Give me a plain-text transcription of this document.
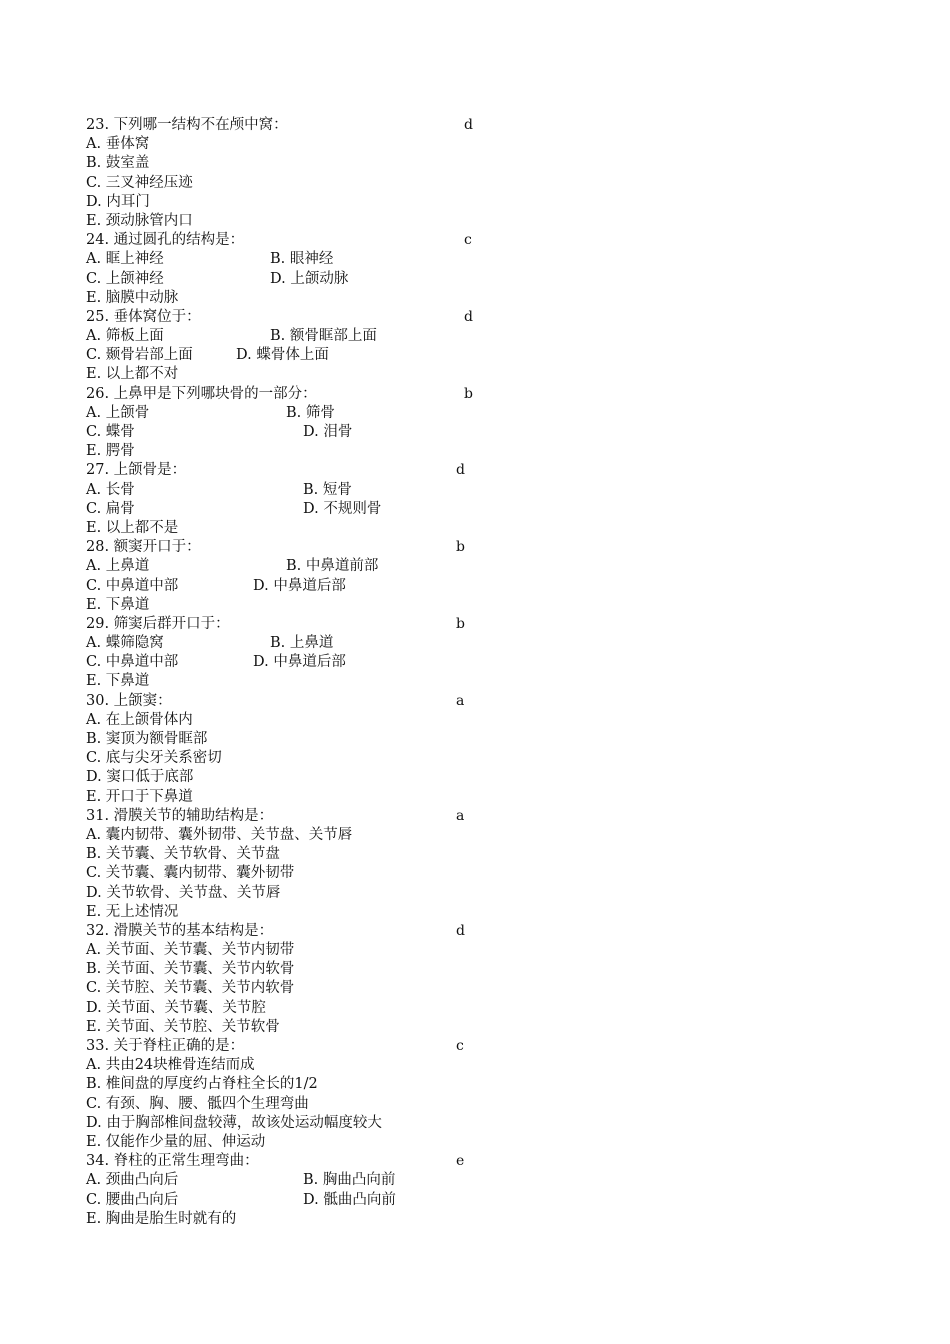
23. 下列哪一结构不在颅中窝：	d
A. 垂体窝
B. 鼓室盖
C. 三叉神经压迹
D. 内耳门
E. 颈动脉管内口
24. 通过圆孔的结构是：	c
A. 眶上神经	B. 眼神经
C. 上颌神经	D. 上颌动脉
E. 脑膜中动脉
25. 垂体窝位于：	d
A. 筛板上面	B. 额骨眶部上面
C. 颞骨岩部上面	D. 蝶骨体上面
E. 以上都不对
26. 上鼻甲是下列哪块骨的一部分：	b
A. 上颌骨	B. 筛骨
C. 蝶骨	D. 泪骨
E. 腭骨
27. 上颌骨是：	d
A. 长骨	B. 短骨
C. 扁骨	D. 不规则骨
E. 以上都不是
28. 额窦开口于：	b
A. 上鼻道	B. 中鼻道前部
C. 中鼻道中部	D. 中鼻道后部
E. 下鼻道
29. 筛窦后群开口于：	b
A. 蝶筛隐窝	B. 上鼻道
C. 中鼻道中部	D. 中鼻道后部
E. 下鼻道
30. 上颌窦：	a
A. 在上颌骨体内
B. 窦顶为额骨眶部
C. 底与尖牙关系密切
D. 窦口低于底部
E. 开口于下鼻道
31. 滑膜关节的辅助结构是：	a
A. 囊内韧带、囊外韧带、关节盘、关节唇
B. 关节囊、关节软骨、关节盘
C. 关节囊、囊内韧带、囊外韧带
D. 关节软骨、关节盘、关节唇
E. 无上述情况
32. 滑膜关节的基本结构是：	d
A. 关节面、关节囊、关节内韧带
B. 关节面、关节囊、关节内软骨
C. 关节腔、关节囊、关节内软骨
D. 关节面、关节囊、关节腔
E. 关节面、关节腔、关节软骨
33. 关于脊柱正确的是：	c
A. 共由24块椎骨连结而成
B. 椎间盘的厚度约占脊柱全长的1/2
C. 有颈、胸、腰、骶四个生理弯曲
D. 由于胸部椎间盘较薄，故该处运动幅度较大
E. 仅能作少量的屈、伸运动
34. 脊柱的正常生理弯曲：	e
A. 颈曲凸向后	B. 胸曲凸向前
C. 腰曲凸向后	D. 骶曲凸向前
E. 胸曲是胎生时就有的
